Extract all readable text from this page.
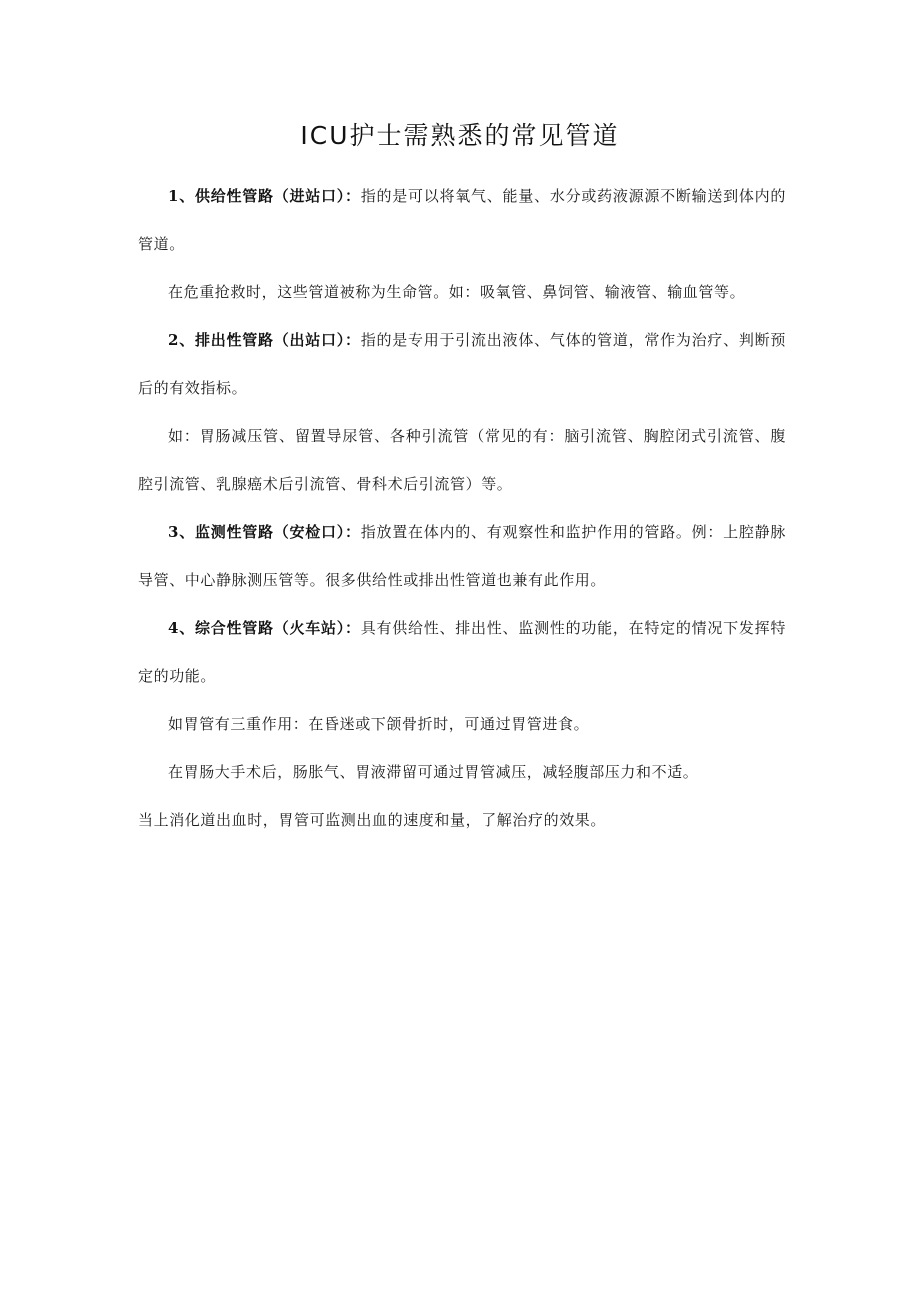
ICU护士需熟悉的常见管道

1、供给性管路（进站口）：指的是可以将氧气、能量、水分或药液源源不断输送到体内的管道。

在危重抢救时，这些管道被称为生命管。如：吸氧管、鼻饲管、输液管、输血管等。

2、排出性管路（出站口）：指的是专用于引流出液体、气体的管道，常作为治疗、判断预后的有效指标。

如：胃肠减压管、留置导尿管、各种引流管（常见的有：脑引流管、胸腔闭式引流管、腹腔引流管、乳腺癌术后引流管、骨科术后引流管）等。

3、监测性管路（安检口）：指放置在体内的、有观察性和监护作用的管路。例：上腔静脉导管、中心静脉测压管等。很多供给性或排出性管道也兼有此作用。

4、综合性管路（火车站）：具有供给性、排出性、监测性的功能，在特定的情况下发挥特定的功能。

如胃管有三重作用：在昏迷或下颌骨折时，可通过胃管进食。

在胃肠大手术后，肠胀气、胃液滞留可通过胃管减压，减轻腹部压力和不适。

当上消化道出血时，胃管可监测出血的速度和量，了解治疗的效果。
